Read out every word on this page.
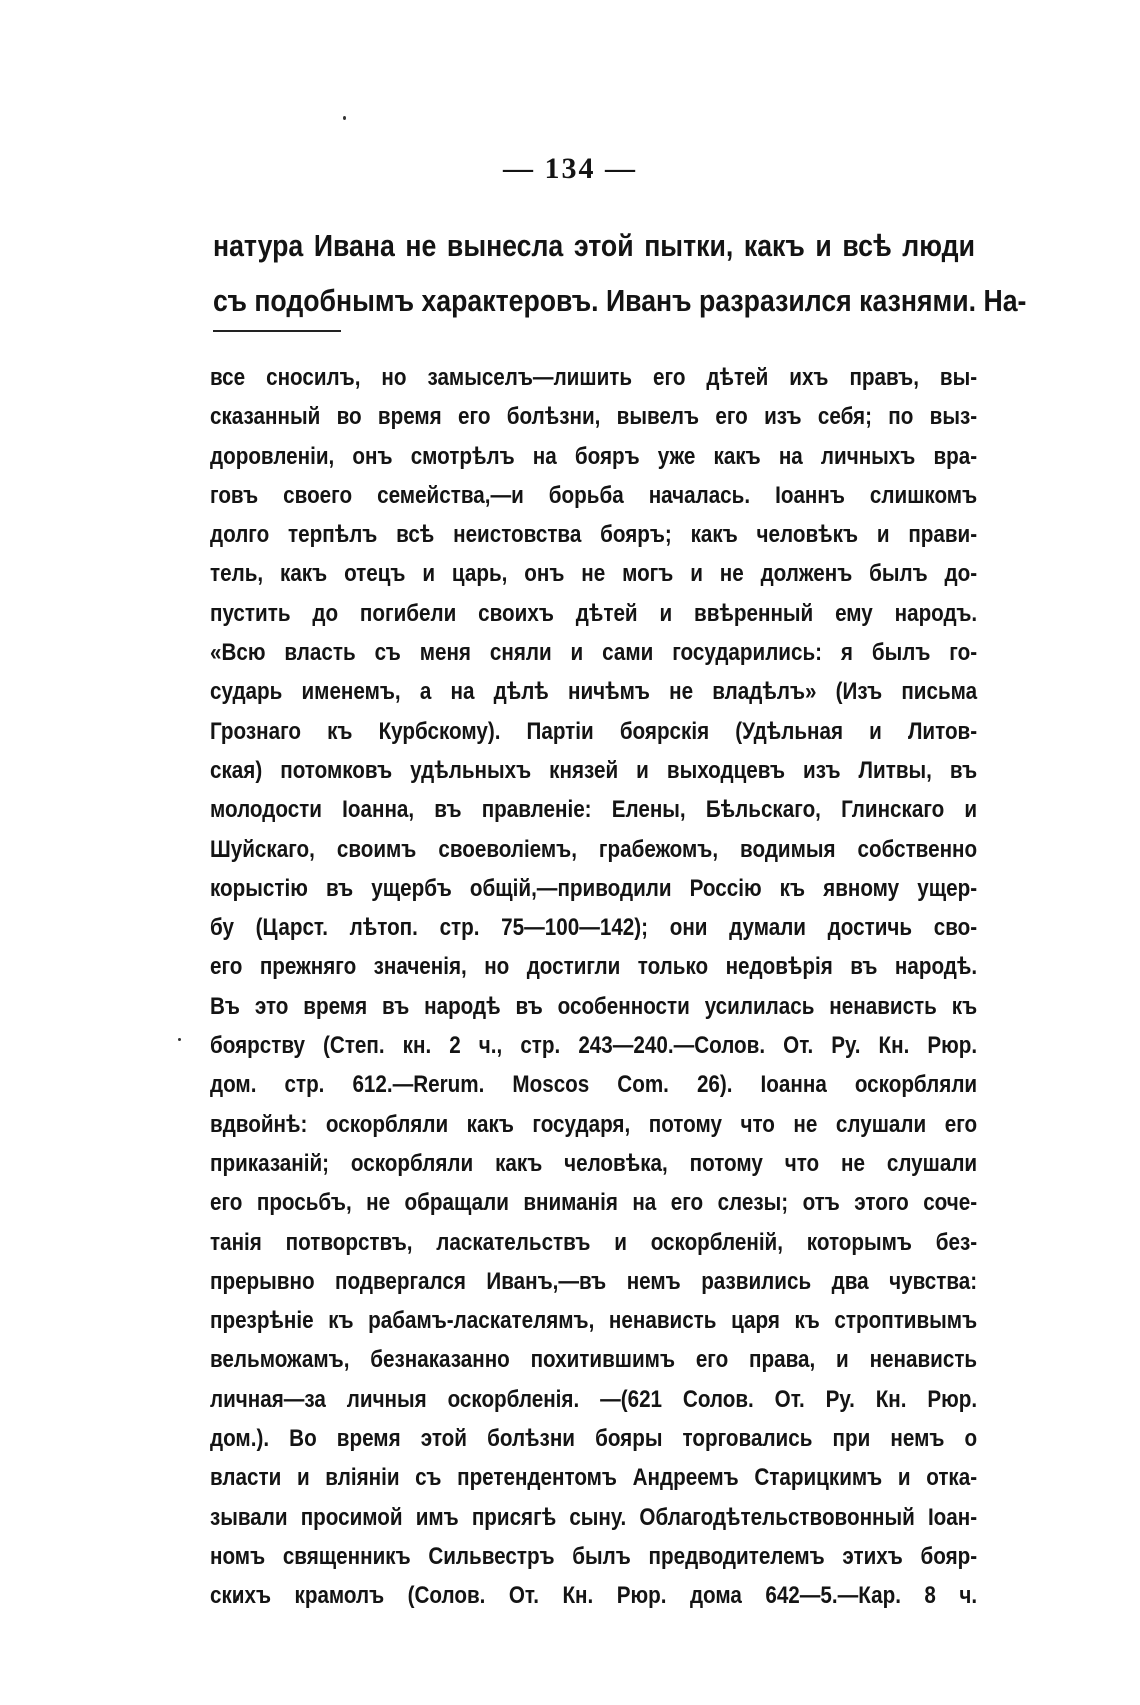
— 134 —
натура Ивана не вынесла этой пытки, какъ и всѣ люди
съ подобнымъ характеровъ. Иванъ разразился казнями. На-
все сносилъ, но замыселъ—лишить его дѣтей ихъ правъ, вы-
сказанный во время его болѣзни, вывелъ его изъ себя; по выз-
доровленіи, онъ смотрѣлъ на бояръ уже какъ на личныхъ вра-
говъ своего семейства,—и борьба началась. Іоаннъ слишкомъ
долго терпѣлъ всѣ неистовства бояръ; какъ человѣкъ и прави-
тель, какъ отецъ и царь, онъ не могъ и не долженъ былъ до-
пустить до погибели своихъ дѣтей и ввѣренный ему народъ.
«Всю власть съ меня сняли и сами государились: я былъ го-
сударь именемъ, а на дѣлѣ ничѣмъ не владѣлъ» (Изъ письма
Грознаго къ Курбскому). Партіи боярскія (Удѣльная и Литов-
ская) потомковъ удѣльныхъ князей и выходцевъ изъ Литвы, въ
молодости Іоанна, въ правленіе: Елены, Бѣльскаго, Глинскаго и
Шуйскаго, своимъ своеволіемъ, грабежомъ, водимыя собственно
корыстію въ ущербъ общій,—приводили Россію къ явному ущер-
бу (Царст. лѣтоп. стр. 75—100—142); они думали достичь сво-
его прежняго значенія, но достигли только недовѣрія въ народѣ.
Въ это время въ народѣ въ особенности усилилась ненависть къ
боярству (Степ. кн. 2 ч., стр. 243—240.—Солов. От. Ру. Кн. Рюр.
дом. стр. 612.—Rerum. Moscos Com. 26). Іоанна оскорбляли
вдвойнѣ: оскорбляли какъ государя, потому что не слушали его
приказаній; оскорбляли какъ человѣка, потому что не слушали
его просьбъ, не обращали вниманія на его слезы; отъ этого соче-
танія потворствъ, ласкательствъ и оскорбленій, которымъ без-
прерывно подвергался Иванъ,—въ немъ развились два чувства:
презрѣніе къ рабамъ-ласкателямъ, ненависть царя къ строптивымъ
вельможамъ, безнаказанно похитившимъ его права, и ненависть
личная—за личныя оскорбленія. —(621 Солов. От. Ру. Кн. Рюр.
дом.). Во время этой болѣзни бояры торговались при немъ о
власти и вліяніи съ претендентомъ Андреемъ Старицкимъ и отка-
зывали просимой имъ присягѣ сыну. Облагодѣтельствовонный Іоан-
номъ священникъ Сильвестръ былъ предводителемъ этихъ бояр-
скихъ крамолъ (Солов. От. Кн. Рюр. дома 642—5.—Кар. 8 ч.
